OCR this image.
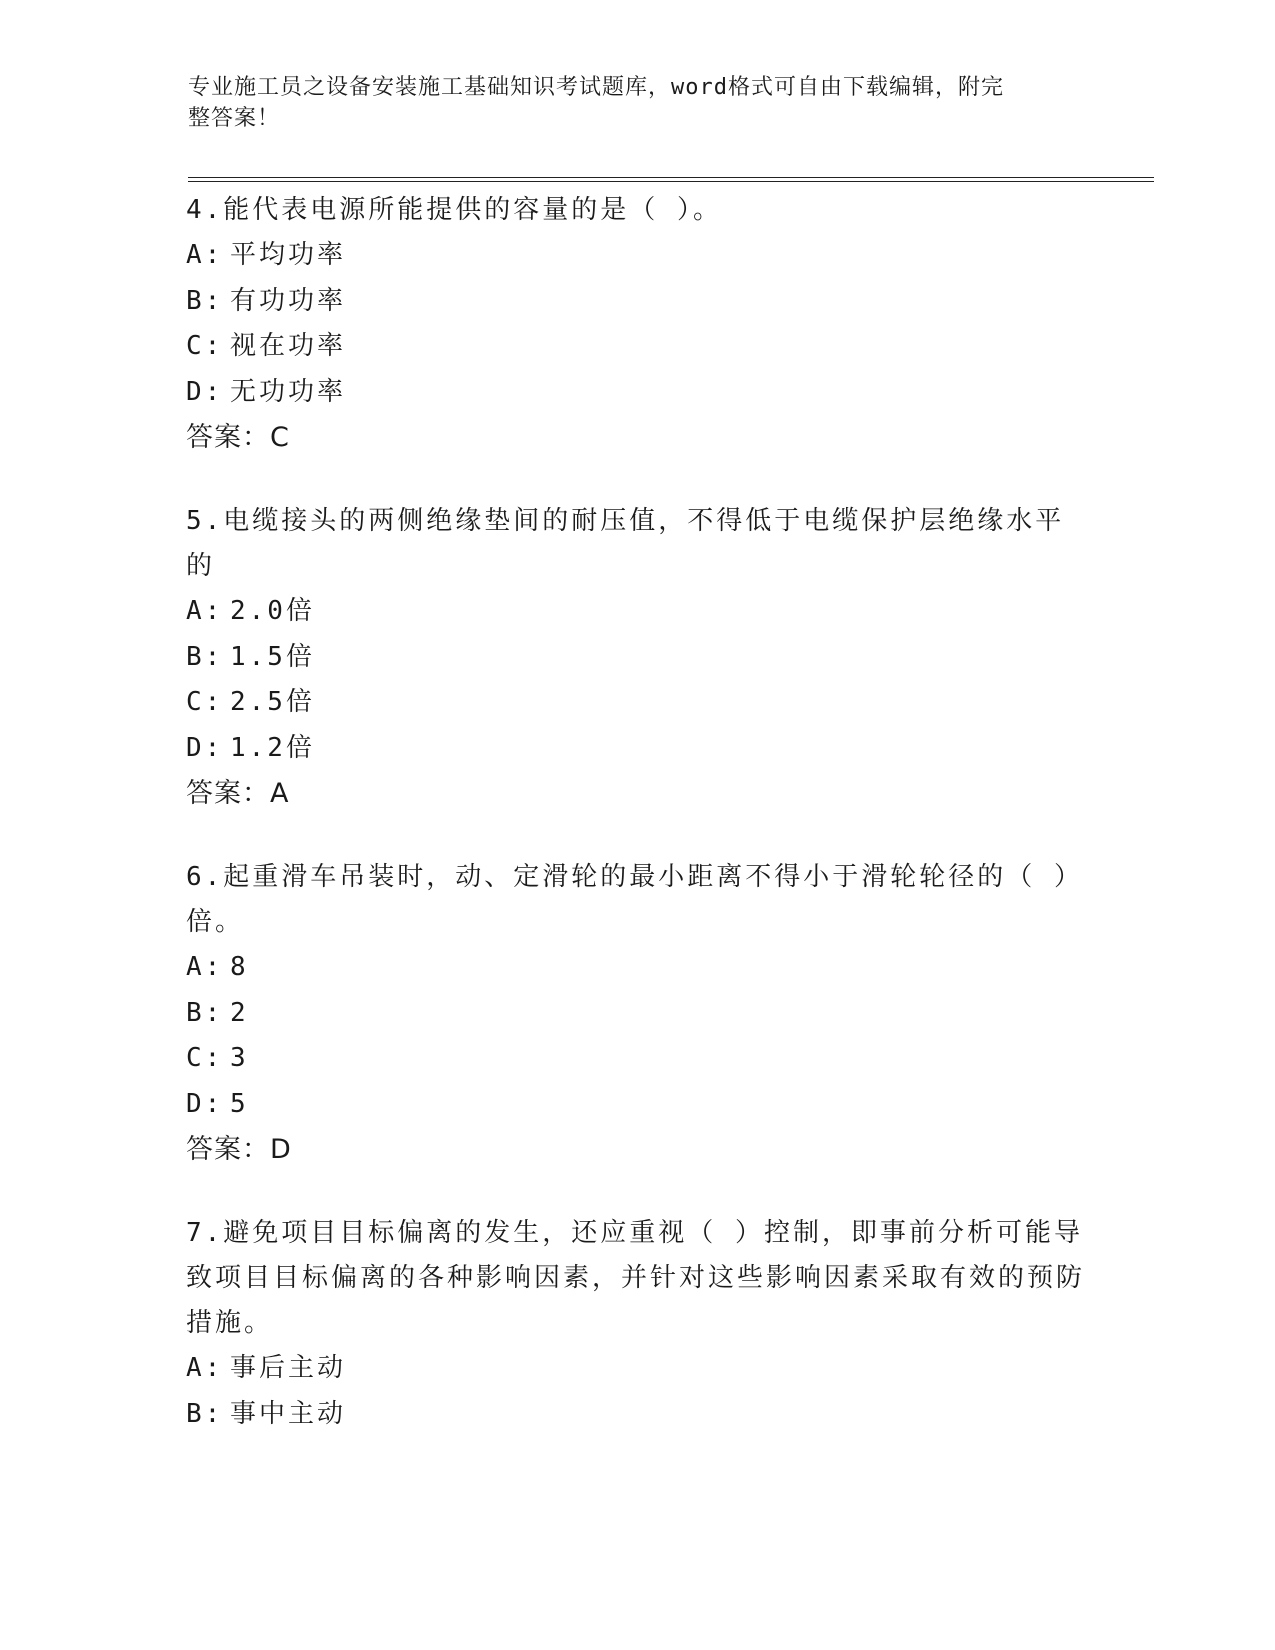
专业施工员之设备安装施工基础知识考试题库，word格式可自由下载编辑，附完
整答案！
4.能代表电源所能提供的容量的是（ ）。
A: 平均功率
B: 有功功率
C: 视在功率
D: 无功功率
答案：C
5.电缆接头的两侧绝缘垫间的耐压值，不得低于电缆保护层绝缘水平的
A: 2.0倍
B: 1.5倍
C: 2.5倍
D: 1.2倍
答案：A
6.起重滑车吊装时，动、定滑轮的最小距离不得小于滑轮轮径的（ ）倍。
A: 8
B: 2
C: 3
D: 5
答案：D
7.避免项目目标偏离的发生，还应重视（ ）控制，即事前分析可能导致项目目标偏离的各种影响因素，并针对这些影响因素采取有效的预防措施。
A: 事后主动
B: 事中主动
